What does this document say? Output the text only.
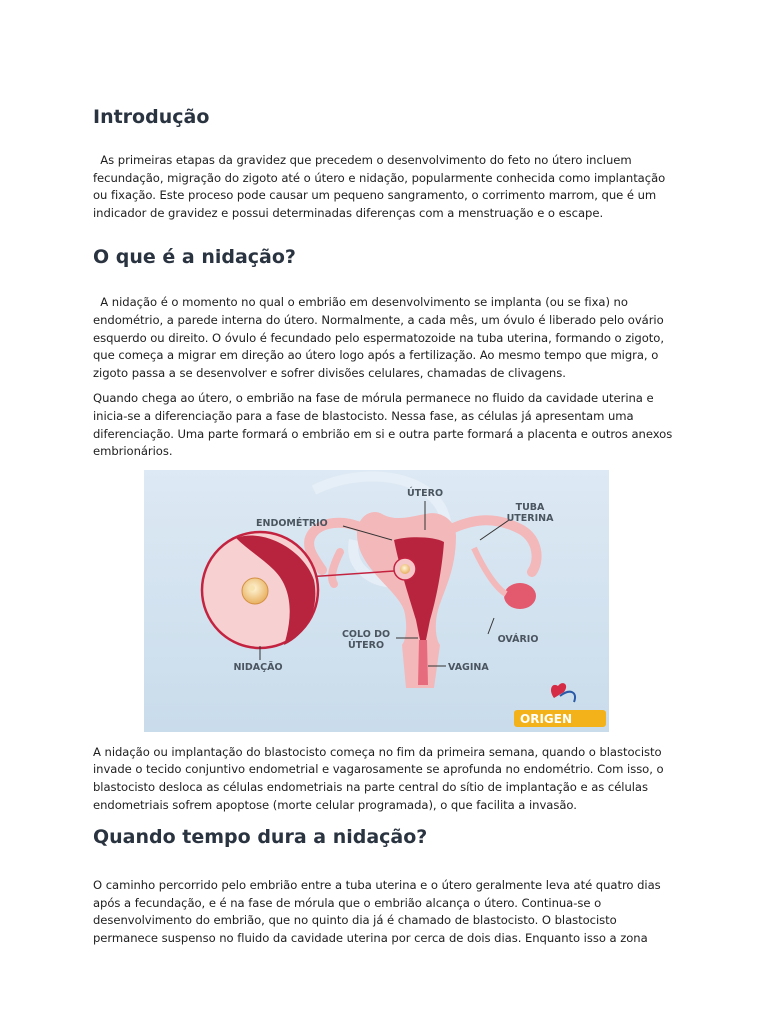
Introdução

As primeiras etapas da gravidez que precedem o desenvolvimento do feto no útero incluem fecundação, migração do zigoto até o útero e nidação, popularmente conhecida como implantação ou fixação. Este proceso pode causar um pequeno sangramento, o corrimento marrom, que é um indicador de gravidez e possui determinadas diferenças com a menstruação e o escape.

O que é a nidação?

A nidação é o momento no qual o embrião em desenvolvimento se implanta (ou se fixa) no endométrio, a parede interna do útero. Normalmente, a cada mês, um óvulo é liberado pelo ovário esquerdo ou direito. O óvulo é fecundado pelo espermatozoide na tuba uterina, formando o zigoto, que começa a migrar em direção ao útero logo após a fertilização. Ao mesmo tempo que migra, o zigoto passa a se desenvolver e sofrer divisões celulares, chamadas de clivagens.

Quando chega ao útero, o embrião na fase de mórula permanece no fluido da cavidade uterina e inicia-se a diferenciação para a fase de blastocisto. Nessa fase, as células já apresentam uma diferenciação. Uma parte formará o embrião em si e outra parte formará a placenta e outros anexos embrionários.

ÚTERO
TUBA
UTERINA
ENDOMÉTRIO
COLO DO
ÚTERO
OVÁRIO
VAGINA
NIDAÇÃO
ORIGEN

A nidação ou implantação do blastocisto começa no fim da primeira semana, quando o blastocisto invade o tecido conjuntivo endometrial e vagarosamente se aprofunda no endométrio. Com isso, o blastocisto desloca as células endometriais na parte central do sítio de implantação e as células endometriais sofrem apoptose (morte celular programada), o que facilita a invasão.

Quando tempo dura a nidação?

O caminho percorrido pelo embrião entre a tuba uterina e o útero geralmente leva até quatro dias após a fecundação, e é na fase de mórula que o embrião alcança o útero. Continua-se o desenvolvimento do embrião, que no quinto dia já é chamado de blastocisto. O blastocisto permanece suspenso no fluido da cavidade uterina por cerca de dois dias. Enquanto isso a zona
